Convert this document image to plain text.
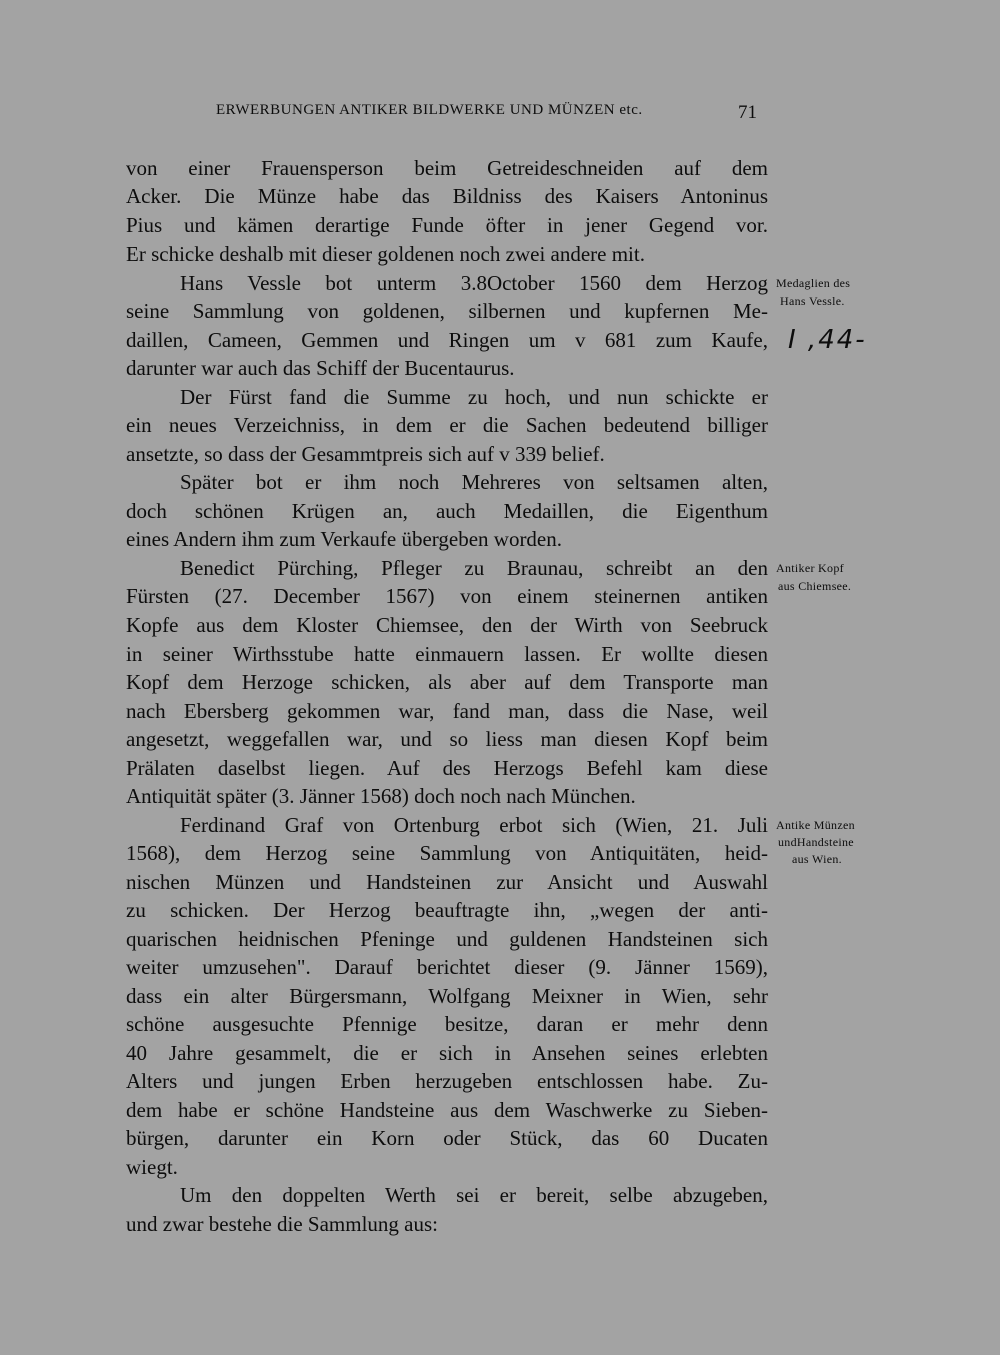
ERWERBUNGEN ANTIKER BILDWERKE UND MÜNZEN etc.	71
von einer Frauensperson beim Getreideschneiden auf dem
Acker. Die Münze habe das Bildniss des Kaisers Antoninus
Pius und kämen derartige Funde öfter in jener Gegend vor.
Er schicke deshalb mit dieser goldenen noch zwei andere mit.
Hans Vessle bot unterm 3.8October 1560 dem Herzog
seine Sammlung von goldenen, silbernen und kupfernen Me-
daillen, Cameen, Gemmen und Ringen um v 681 zum Kaufe,
darunter war auch das Schiff der Bucentaurus.
Der Fürst fand die Summe zu hoch, und nun schickte er
ein neues Verzeichniss, in dem er die Sachen bedeutend billiger
ansetzte, so dass der Gesammtpreis sich auf v 339 belief.
Später bot er ihm noch Mehreres von seltsamen alten,
doch schönen Krügen an, auch Medaillen, die Eigenthum
eines Andern ihm zum Verkaufe übergeben worden.
Benedict Pürching, Pfleger zu Braunau, schreibt an den
Fürsten (27. December 1567) von einem steinernen antiken
Kopfe aus dem Kloster Chiemsee, den der Wirth von Seebruck
in seiner Wirthsstube hatte einmauern lassen. Er wollte diesen
Kopf dem Herzoge schicken, als aber auf dem Transporte man
nach Ebersberg gekommen war, fand man, dass die Nase, weil
angesetzt, weggefallen war, und so liess man diesen Kopf beim
Prälaten daselbst liegen. Auf des Herzogs Befehl kam diese
Antiquität später (3. Jänner 1568) doch noch nach München.
Ferdinand Graf von Ortenburg erbot sich (Wien, 21. Juli
1568), dem Herzog seine Sammlung von Antiquitäten, heid-
nischen Münzen und Handsteinen zur Ansicht und Auswahl
zu schicken. Der Herzog beauftragte ihn, „wegen der anti-
quarischen heidnischen Pfeninge und guldenen Handsteinen sich
weiter umzusehen". Darauf berichtet dieser (9. Jänner 1569),
dass ein alter Bürgersmann, Wolfgang Meixner in Wien, sehr
schöne ausgesuchte Pfennige besitze, daran er mehr denn
40 Jahre gesammelt, die er sich in Ansehen seines erlebten
Alters und jungen Erben herzugeben entschlossen habe. Zu-
dem habe er schöne Handsteine aus dem Waschwerke zu Sieben-
bürgen, darunter ein Korn oder Stück, das 60 Ducaten
wiegt.
Um den doppelten Werth sei er bereit, selbe abzugeben,
und zwar bestehe die Sammlung aus:
Medaglien des
Hans Vessle.
I ,44-
Antiker Kopf
aus Chiemsee.
Antike Münzen
undHandsteine
aus Wien.
